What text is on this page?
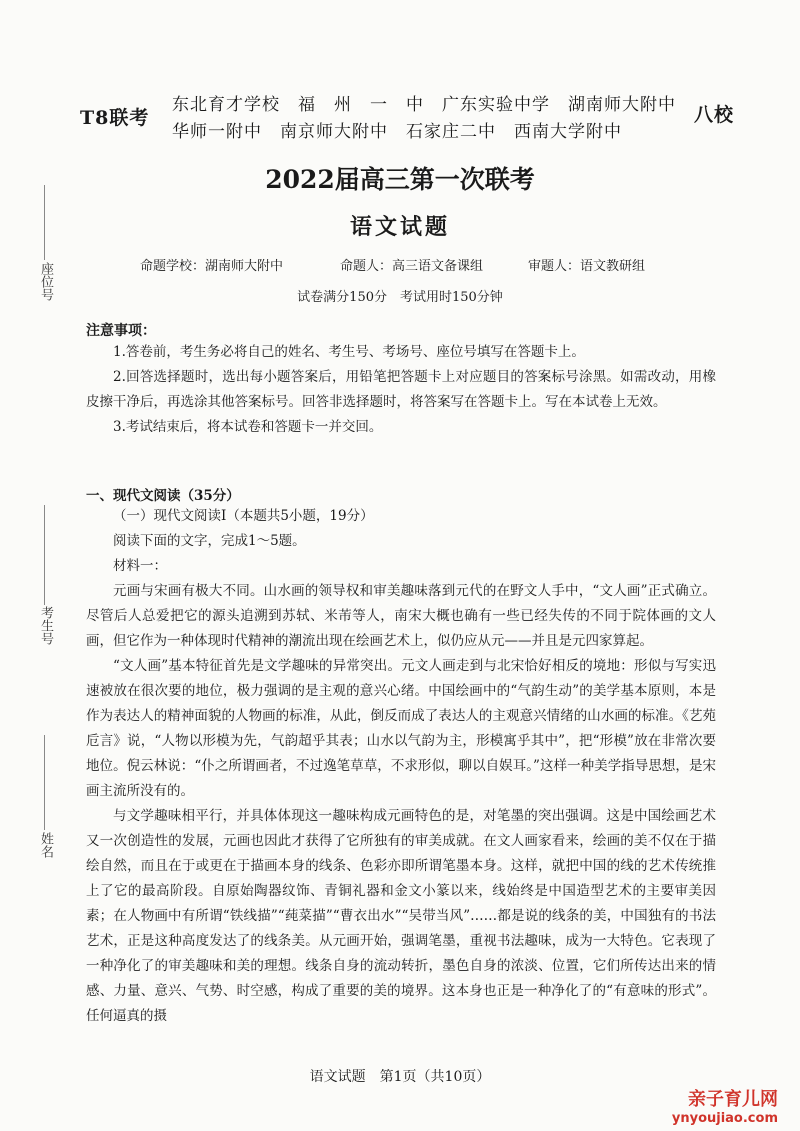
座位号
考生号
姓名
T8联考
东北育才学校　福　州　一　中　广东实验中学　湖南师大附中
华师一附中　南京师大附中　石家庄二中　西南大学附中
八校
2022届高三第一次联考
语文试题
命题学校：湖南师大附中	命题人：高三语文备课组	审题人：语文教研组
试卷满分150分　考试用时150分钟
注意事项：
1.答卷前，考生务必将自己的姓名、考生号、考场号、座位号填写在答题卡上。
2.回答选择题时，选出每小题答案后，用铅笔把答题卡上对应题目的答案标号涂黑。如需改动，用橡皮擦干净后，再选涂其他答案标号。回答非选择题时，将答案写在答题卡上。写在本试卷上无效。
3.考试结束后，将本试卷和答题卡一并交回。
一、现代文阅读（35分）
（一）现代文阅读Ⅰ（本题共5小题，19分）
阅读下面的文字，完成1～5题。
材料一：
元画与宋画有极大不同。山水画的领导权和审美趣味落到元代的在野文人手中，“文人画”正式确立。尽管后人总爱把它的源头追溯到苏轼、米芾等人，南宋大概也确有一些已经失传的不同于院体画的文人画，但它作为一种体现时代精神的潮流出现在绘画艺术上，似仍应从元——并且是元四家算起。
“文人画”基本特征首先是文学趣味的异常突出。元文人画走到与北宋恰好相反的境地：形似与写实迅速被放在很次要的地位，极力强调的是主观的意兴心绪。中国绘画中的“气韵生动”的美学基本原则，本是作为表达人的精神面貌的人物画的标准，从此，倒反而成了表达人的主观意兴情绪的山水画的标准。《艺苑卮言》说，“人物以形模为先，气韵超乎其表；山水以气韵为主，形模寓乎其中”，把“形模”放在非常次要地位。倪云林说：“仆之所谓画者，不过逸笔草草，不求形似，聊以自娱耳。”这样一种美学指导思想，是宋画主流所没有的。
与文学趣味相平行，并具体体现这一趣味构成元画特色的是，对笔墨的突出强调。这是中国绘画艺术又一次创造性的发展，元画也因此才获得了它所独有的审美成就。在文人画家看来，绘画的美不仅在于描绘自然，而且在于或更在于描画本身的线条、色彩亦即所谓笔墨本身。这样，就把中国的线的艺术传统推上了它的最高阶段。自原始陶器纹饰、青铜礼器和金文小篆以来，线始终是中国造型艺术的主要审美因素；在人物画中有所谓“铁线描”“莼菜描”“曹衣出水”“吴带当风”……都是说的线条的美，中国独有的书法艺术，正是这种高度发达了的线条美。从元画开始，强调笔墨，重视书法趣味，成为一大特色。它表现了一种净化了的审美趣味和美的理想。线条自身的流动转折，墨色自身的浓淡、位置，它们所传达出来的情感、力量、意兴、气势、时空感，构成了重要的美的境界。这本身也正是一种净化了的“有意味的形式”。任何逼真的摄
语文试题　第1页（共10页）
亲子育儿网
ynyoujiao.com
